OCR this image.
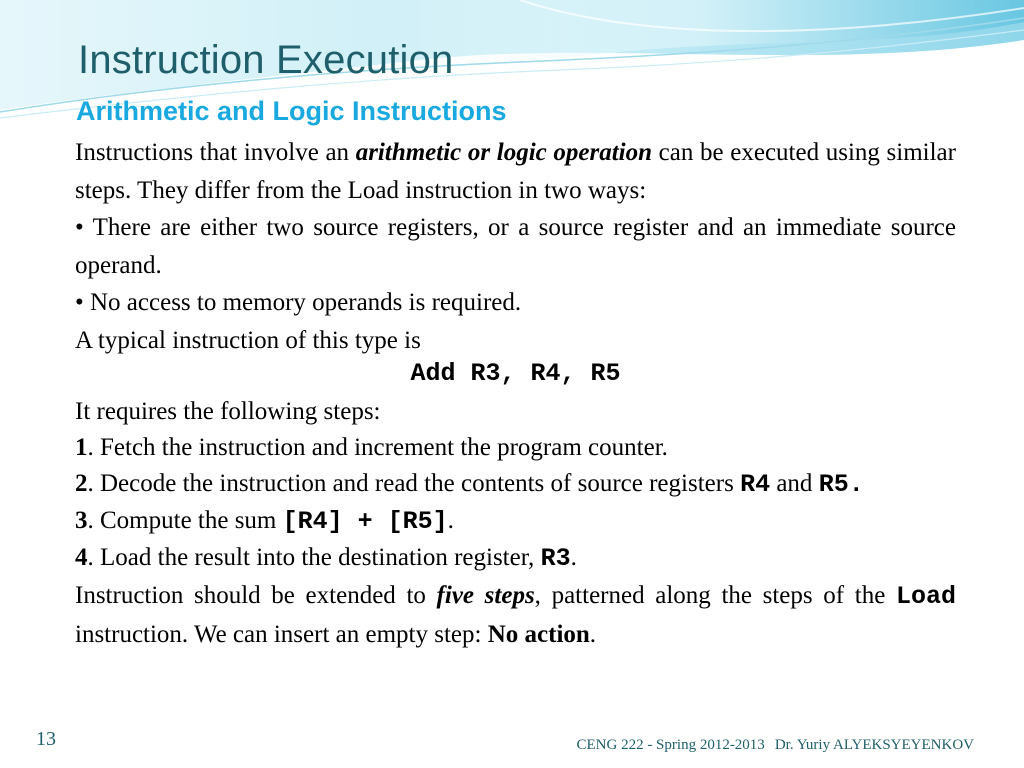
Instruction Execution
Arithmetic and Logic Instructions

Instructions that involve an arithmetic or logic operation can be executed using similar steps. They differ from the Load instruction in two ways:

• There are either two source registers, or a source register and an immediate source operand.

• No access to memory operands is required.

A typical instruction of this type is

Add R3, R4, R5

It requires the following steps:

1. Fetch the instruction and increment the program counter.

2. Decode the instruction and read the contents of source registers R4 and R5.

3. Compute the sum [R4] + [R5].

4. Load the result into the destination register, R3.

Instruction should be extended to five steps, patterned along the steps of the Load instruction. We can insert an empty step: No action.

13	CENG 222 - Spring 2012-2013 Dr. Yuriy ALYEKSYEYENKOV
